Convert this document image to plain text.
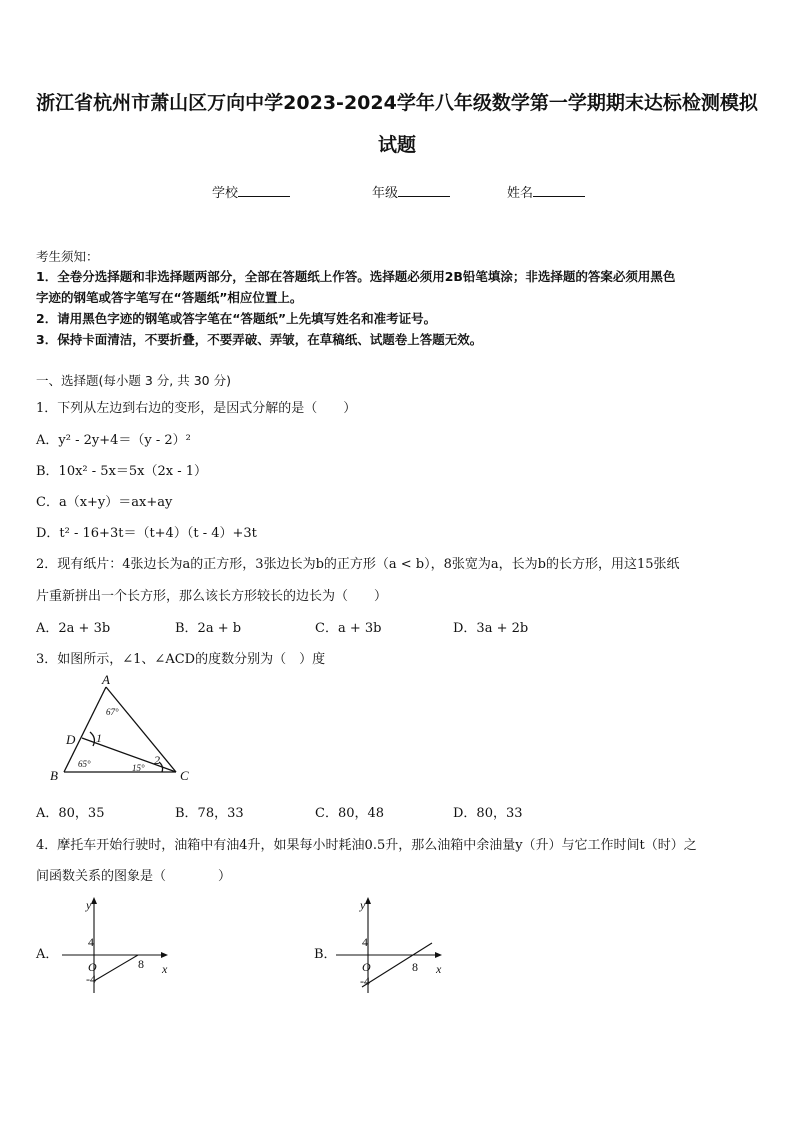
浙江省杭州市萧山区万向中学2023-2024学年八年级数学第一学期期末达标检测模拟
试题
学校	年级	姓名
考生须知：
1．全卷分选择题和非选择题两部分，全部在答题纸上作答。选择题必须用2B铅笔填涂；非选择题的答案必须用黑色
字迹的钢笔或答字笔写在“答题纸”相应位置上。
2．请用黑色字迹的钢笔或答字笔在“答题纸”上先填写姓名和准考证号。
3．保持卡面清洁，不要折叠，不要弄破、弄皱，在草稿纸、试题卷上答题无效。
一、选择题(每小题 3 分, 共 30 分)
1．下列从左边到右边的变形，是因式分解的是（　　）
A．y² - 2y+4＝（y - 2）²
B．10x² - 5x＝5x（2x - 1）
C．a（x+y）＝ax+ay
D．t² - 16+3t＝（t+4）（t - 4）+3t
2．现有纸片：4张边长为a的正方形，3张边长为b的正方形（a < b），8张宽为a，长为b的长方形，用这15张纸
片重新拼出一个长方形，那么该长方形较长的边长为（　　）
A．2a + 3b	B．2a + b	C．a + 3b	D．3a + 2b
3．如图所示，∠1、∠ACD的度数分别为（　）度
A
B	C
D 1
2
67°
65°	15°
A．80，35	B．78，33	C．80，48	D．80，33
4．摩托车开始行驶时，油箱中有油4升，如果每小时耗油0.5升，那么油箱中余油量y（升）与它工作时间t（时）之
间函数关系的图象是（　　　　）
A．
y
x
4
O
-4
8
B．
y
x
4
O
-4
8
